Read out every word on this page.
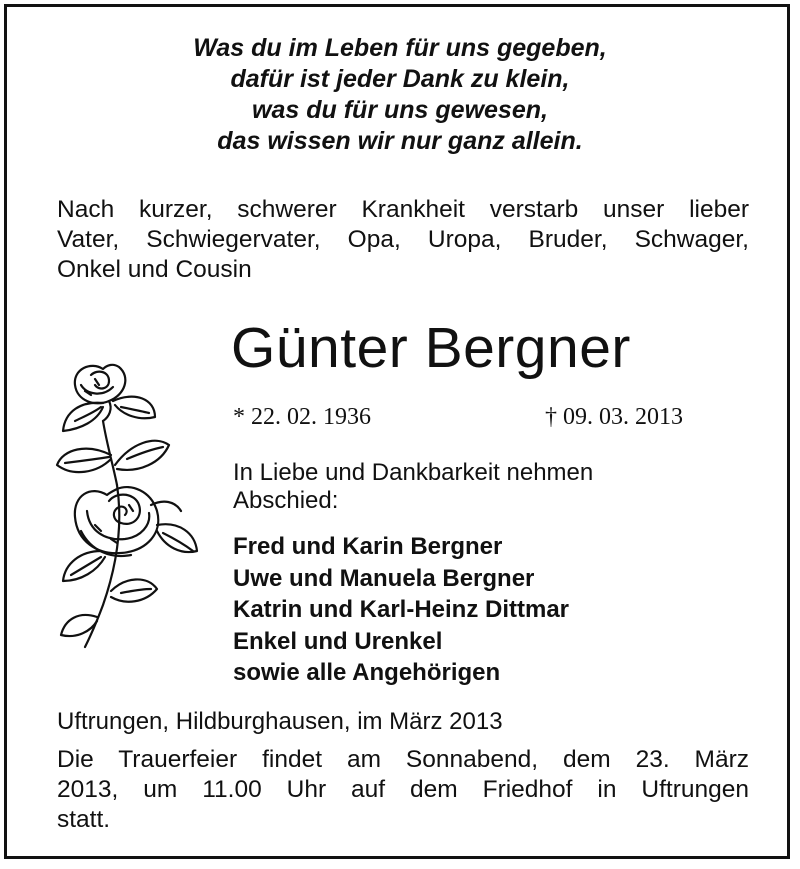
Was du im Leben für uns gegeben,
dafür ist jeder Dank zu klein,
was du für uns gewesen,
das wissen wir nur ganz allein.
Nach kurzer, schwerer Krankheit verstarb unser lieber
Vater, Schwiegervater, Opa, Uropa, Bruder, Schwager,
Onkel und Cousin
Günter Bergner
* 22. 02. 1936	† 09. 03. 2013
In Liebe und Dankbarkeit nehmen
Abschied:
Fred und Karin Bergner
Uwe und Manuela Bergner
Katrin und Karl-Heinz Dittmar
Enkel und Urenkel
sowie alle Angehörigen
Uftrungen, Hildburghausen, im März 2013
Die Trauerfeier findet am Sonnabend, dem 23. März
2013, um 11.00 Uhr auf dem Friedhof in Uftrungen
statt.
